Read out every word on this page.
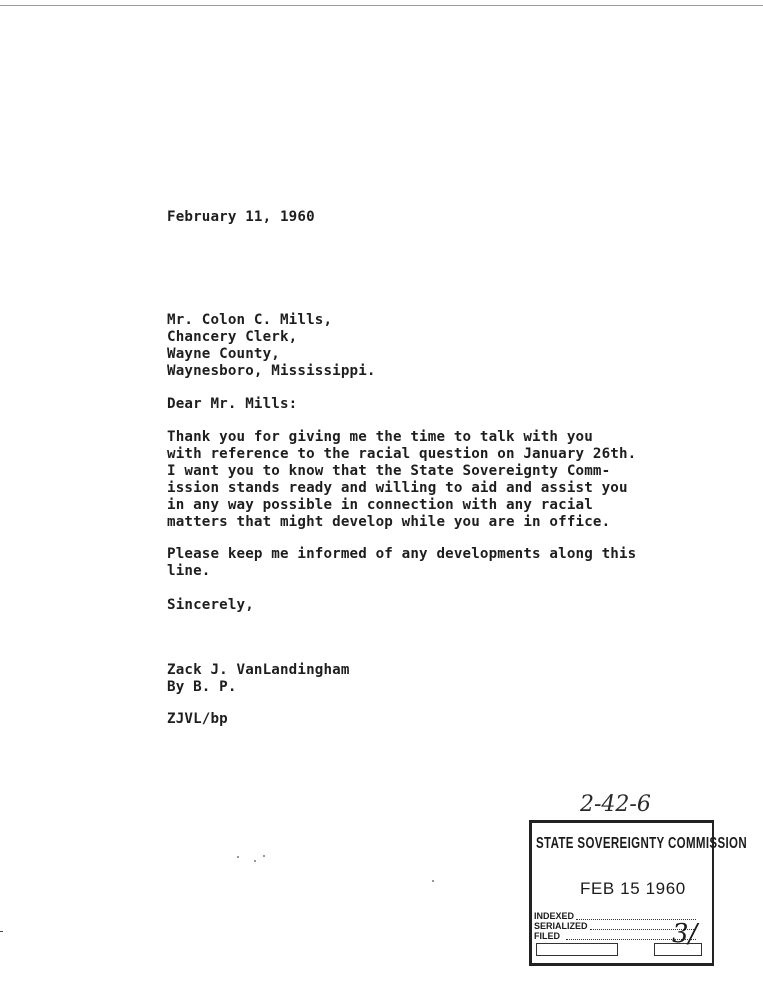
February 11, 1960
Mr. Colon C. Mills,
Chancery Clerk,
Wayne County,
Waynesboro, Mississippi.
Dear Mr. Mills:
Thank you for giving me the time to talk with you
with reference to the racial question on January 26th.
I want you to know that the State Sovereignty Comm-
ission stands ready and willing to aid and assist you
in any way possible in connection with any racial
matters that might develop while you are in office.
Please keep me informed of any developments along this
line.
Sincerely,
Zack J. VanLandingham
By B. P.
ZJVL/bp
2-42-6
STATE SOVEREIGNTY COMMISSION
FEB 15 1960
INDEXED
SERIALIZED
FILED	3/
